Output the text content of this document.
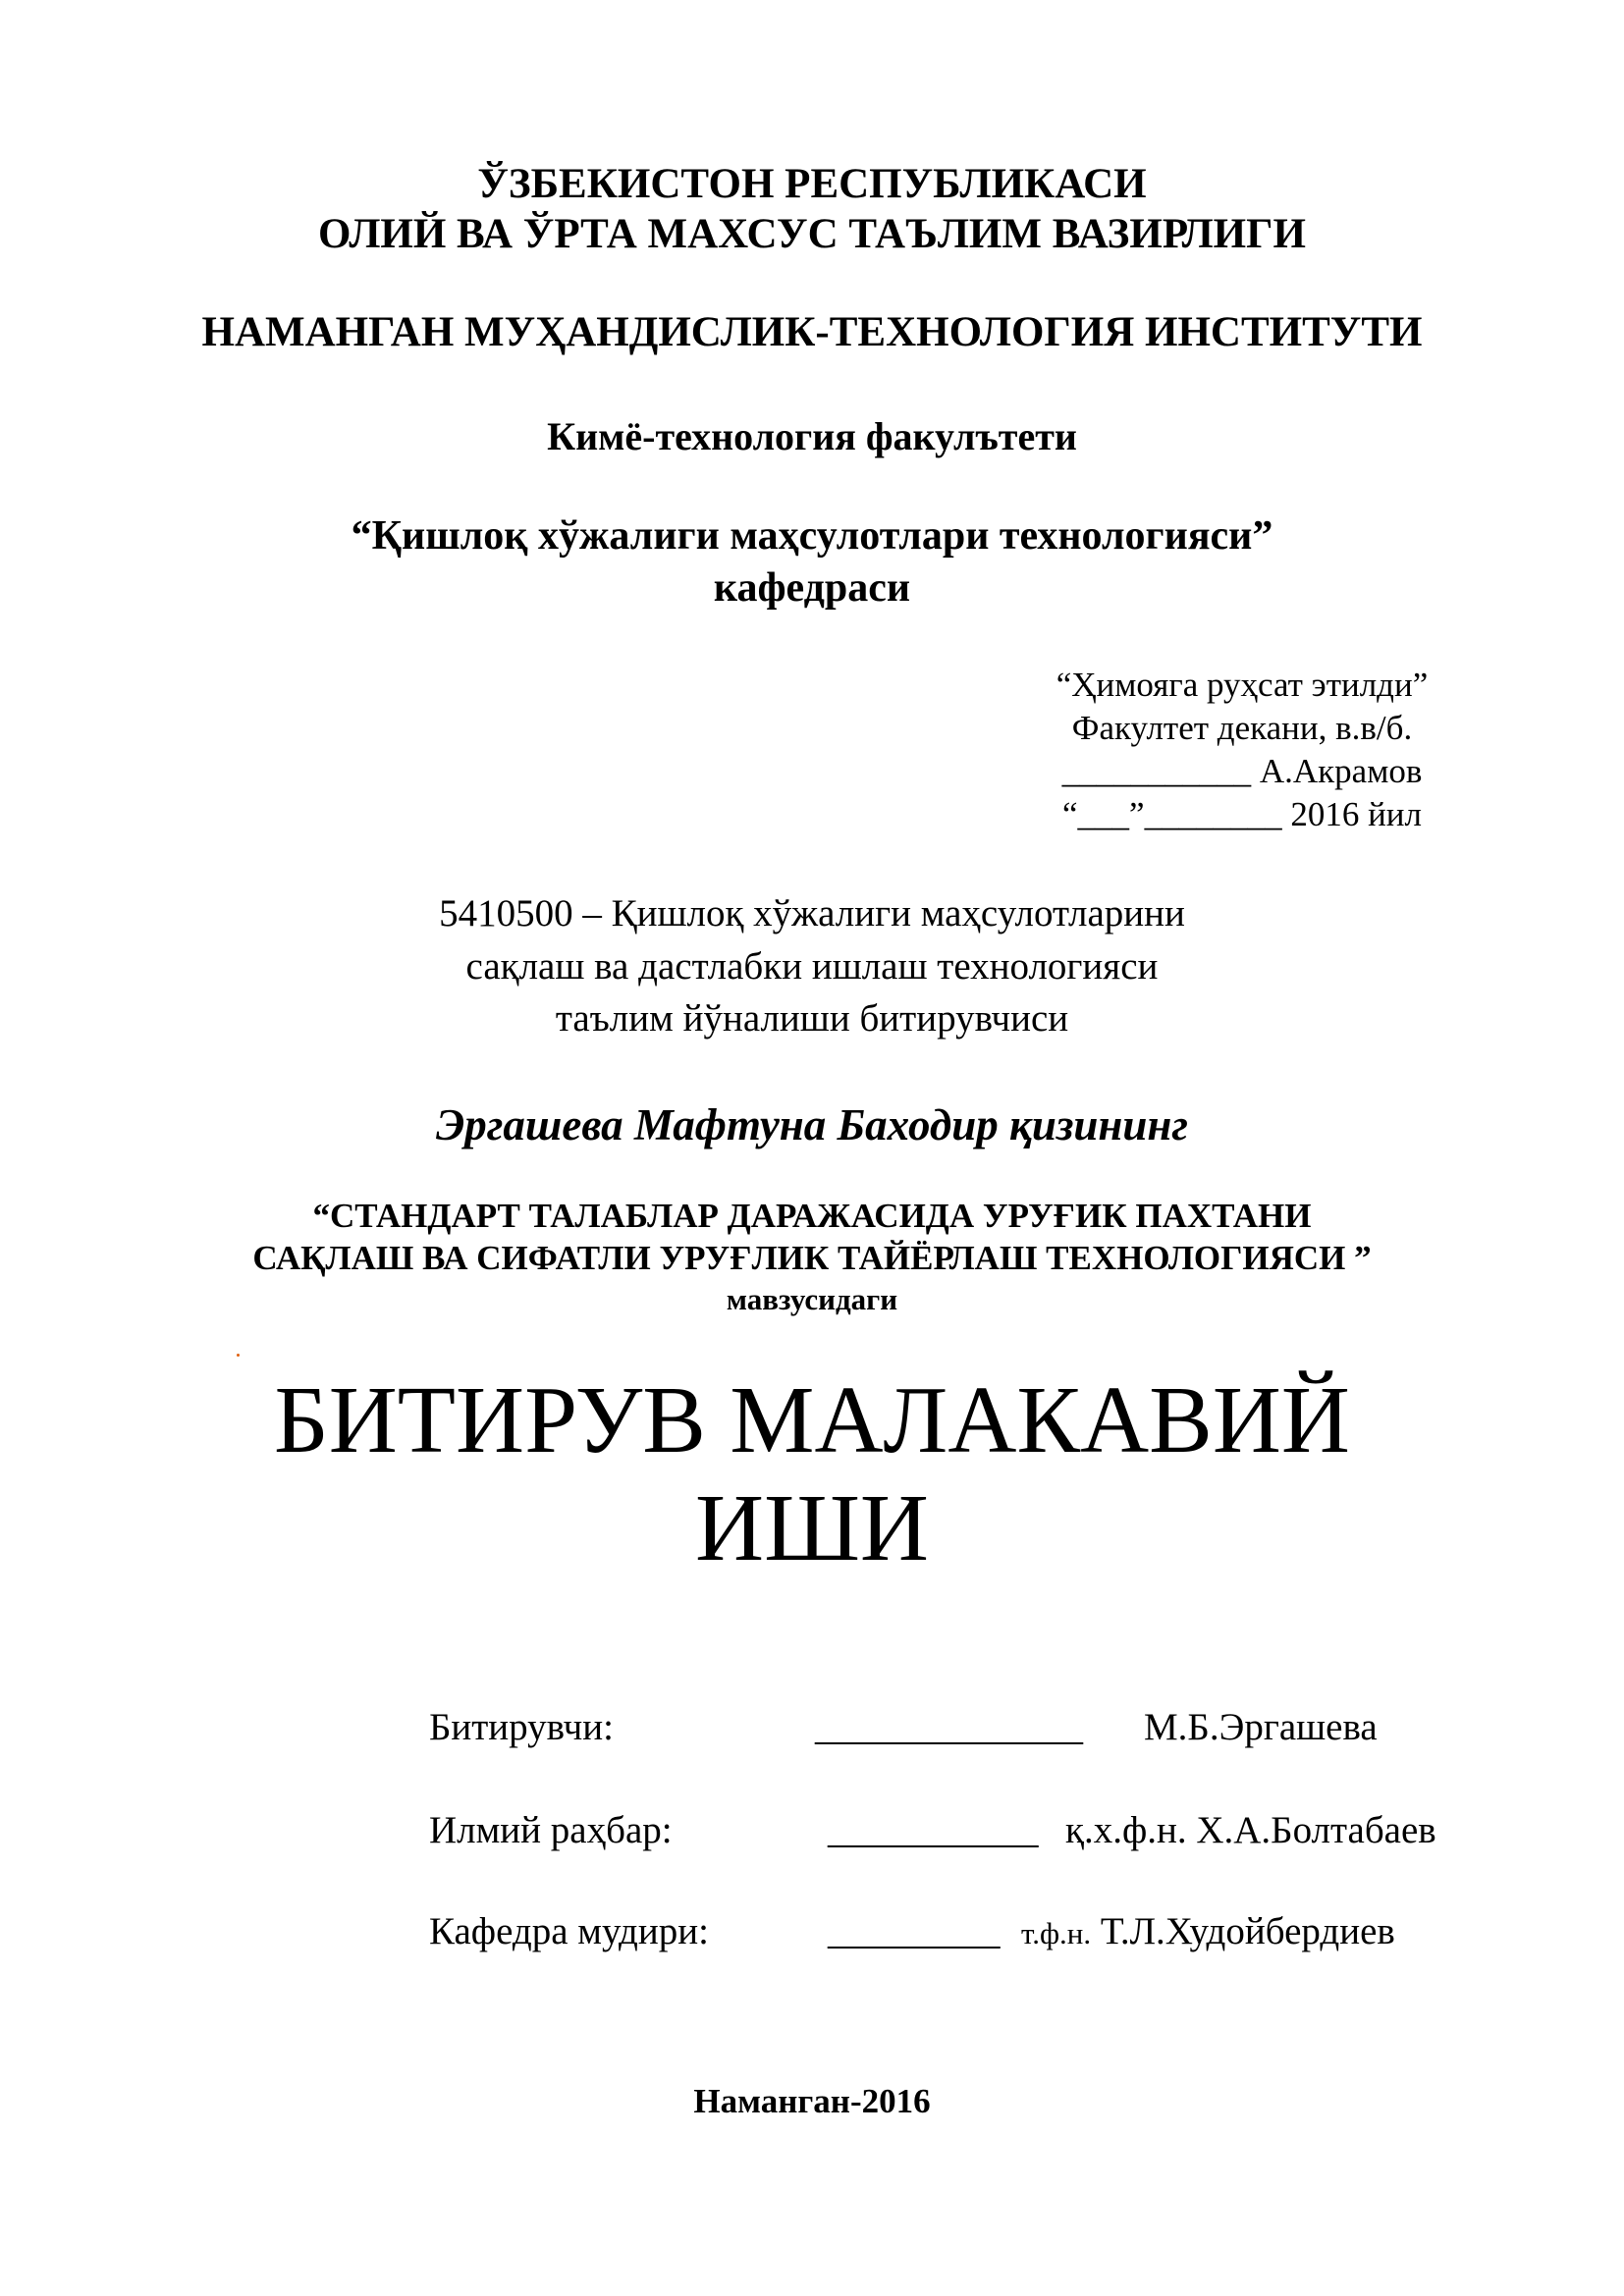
ЎЗБЕКИСТОН РЕСПУБЛИКАСИ
ОЛИЙ ВА ЎРТА МАХСУС ТАЪЛИМ ВАЗИРЛИГИ
НАМАНГАН МУҲАНДИСЛИК-ТЕХНОЛОГИЯ ИНСТИТУТИ
Кимё-технология факулътети
“Қишлоқ хўжалиги маҳсулотлари технологияси”
кафедраси
“Ҳимояга руҳсат этилди”
Факултет декани, в.в/б.
___________ А.Акрамов
“___”________ 2016 йил
5410500 – Қишлоқ хўжалиги маҳсулотларини
сақлаш ва дастлабки ишлаш технологияси
таълим йўналиши битирувчиси
Эргашева Мафтуна Баходир қизининг
“СТАНДАРТ ТАЛАБЛАР ДАРАЖАСИДА УРУҒИК ПАХТАНИ
САҚЛАШ ВА СИФАТЛИ УРУҒЛИК ТАЙЁРЛАШ ТЕХНОЛОГИЯСИ ”
мавзусидаги
БИТИРУВ МАЛАКАВИЙ
ИШИ
Битирувчи:	______________ М.Б.Эргашева
Илмий раҳбар:	___________ қ.х.ф.н. Х.А.Болтабаев
Кафедра мудири:	_________ т.ф.н. Т.Л.Худойбердиев
Наманган-2016
